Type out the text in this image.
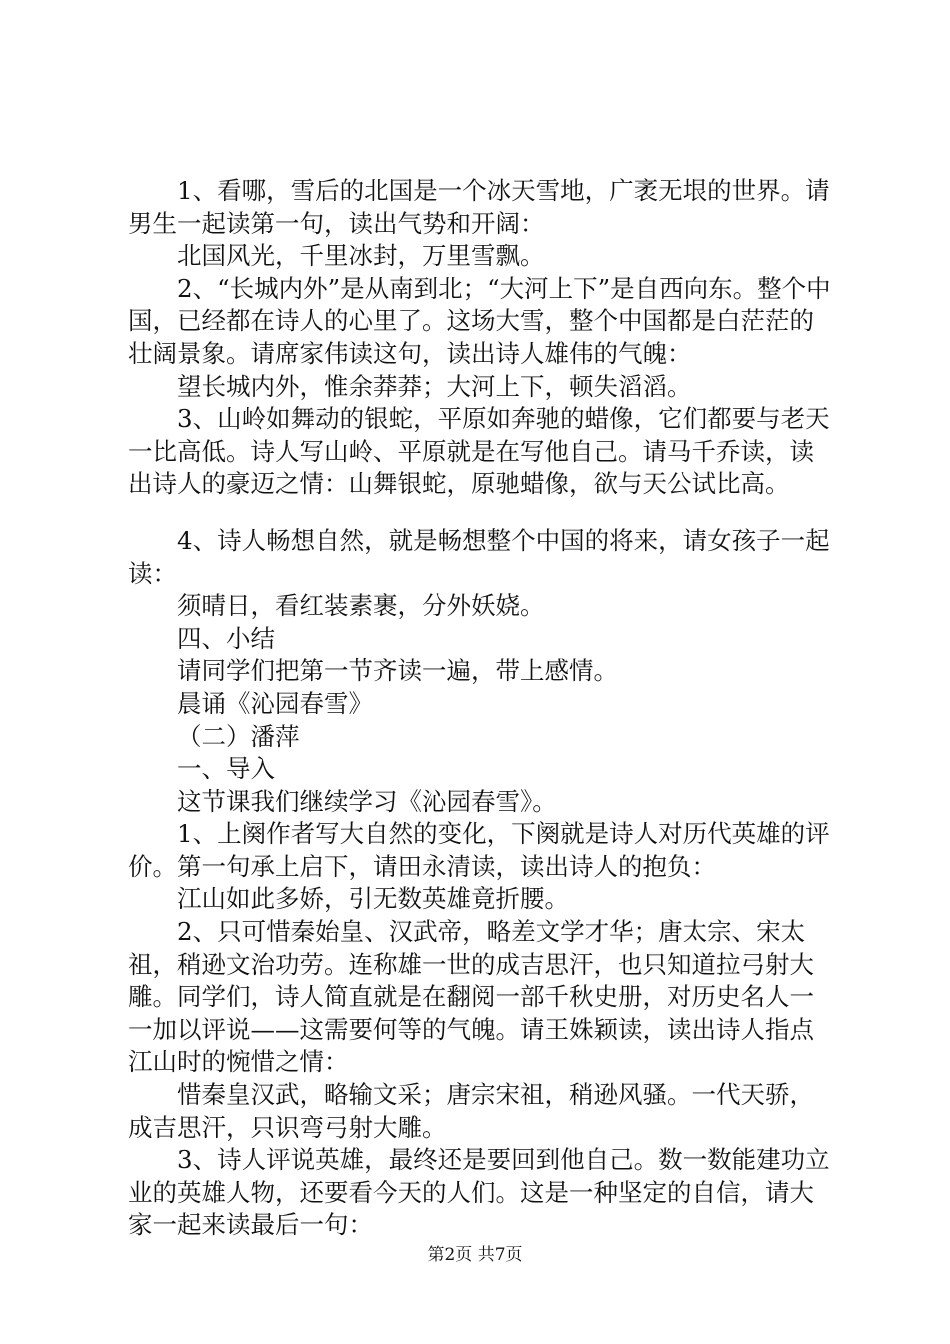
1、看哪，雪后的北国是一个冰天雪地，广袤无垠的世界。请男生一起读第一句，读出气势和开阔：

北国风光，千里冰封，万里雪飘。

2、“长城内外”是从南到北；“大河上下”是自西向东。整个中国，已经都在诗人的心里了。这场大雪，整个中国都是白茫茫的壮阔景象。请席家伟读这句，读出诗人雄伟的气魄：

望长城内外，惟余莽莽；大河上下，顿失滔滔。

3、山岭如舞动的银蛇，平原如奔驰的蜡像，它们都要与老天一比高低。诗人写山岭、平原就是在写他自己。请马千乔读，读出诗人的豪迈之情：山舞银蛇，原驰蜡像，欲与天公试比高。

4、诗人畅想自然，就是畅想整个中国的将来，请女孩子一起读：

须晴日，看红装素裹，分外妖娆。

四、小结

请同学们把第一节齐读一遍，带上感情。

晨诵《沁园春雪》

（二）潘萍

一、导入

这节课我们继续学习《沁园春雪》。

1、上阕作者写大自然的变化，下阕就是诗人对历代英雄的评价。第一句承上启下，请田永清读，读出诗人的抱负：

江山如此多娇，引无数英雄竟折腰。

2、只可惜秦始皇、汉武帝，略差文学才华；唐太宗、宋太祖，稍逊文治功劳。连称雄一世的成吉思汗，也只知道拉弓射大雕。同学们，诗人简直就是在翻阅一部千秋史册，对历史名人一一加以评说——这需要何等的气魄。请王姝颖读，读出诗人指点江山时的惋惜之情：

惜秦皇汉武，略输文采；唐宗宋祖，稍逊风骚。一代天骄，成吉思汗，只识弯弓射大雕。

3、诗人评说英雄，最终还是要回到他自己。数一数能建功立业的英雄人物，还要看今天的人们。这是一种坚定的自信，请大家一起来读最后一句：

第2页 共7页
